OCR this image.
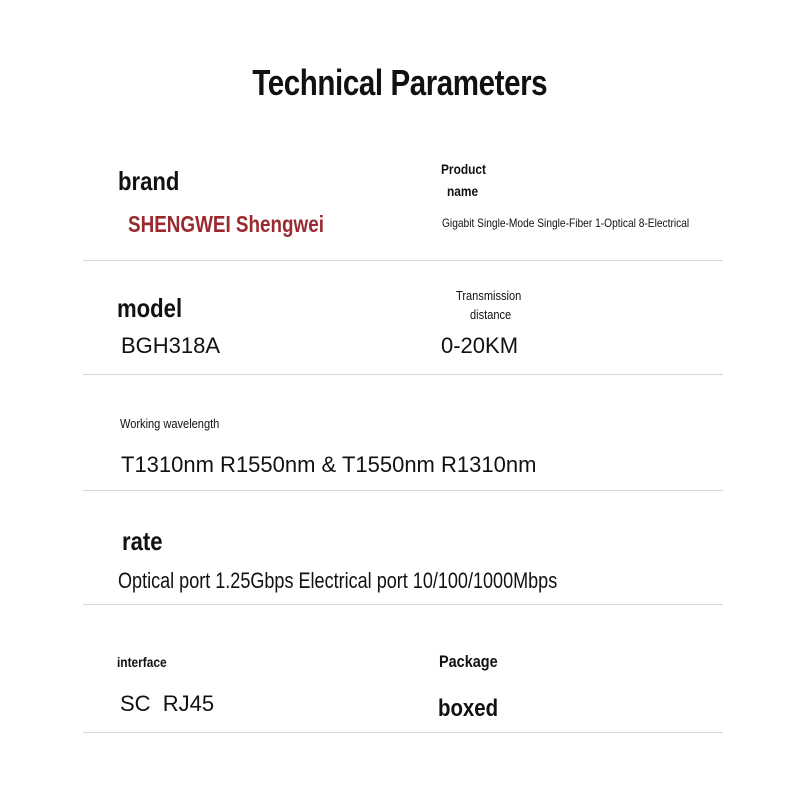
Technical Parameters
brand
SHENGWEI Shengwei
Product
name
Gigabit Single-Mode Single-Fiber 1-Optical 8-Electrical
model
BGH318A
Transmission
distance
0-20KM
Working wavelength
T1310nm R1550nm & T1550nm R1310nm
rate
Optical port 1.25Gbps Electrical port 10/100/1000Mbps
interface
SC  RJ45
Package
boxed
